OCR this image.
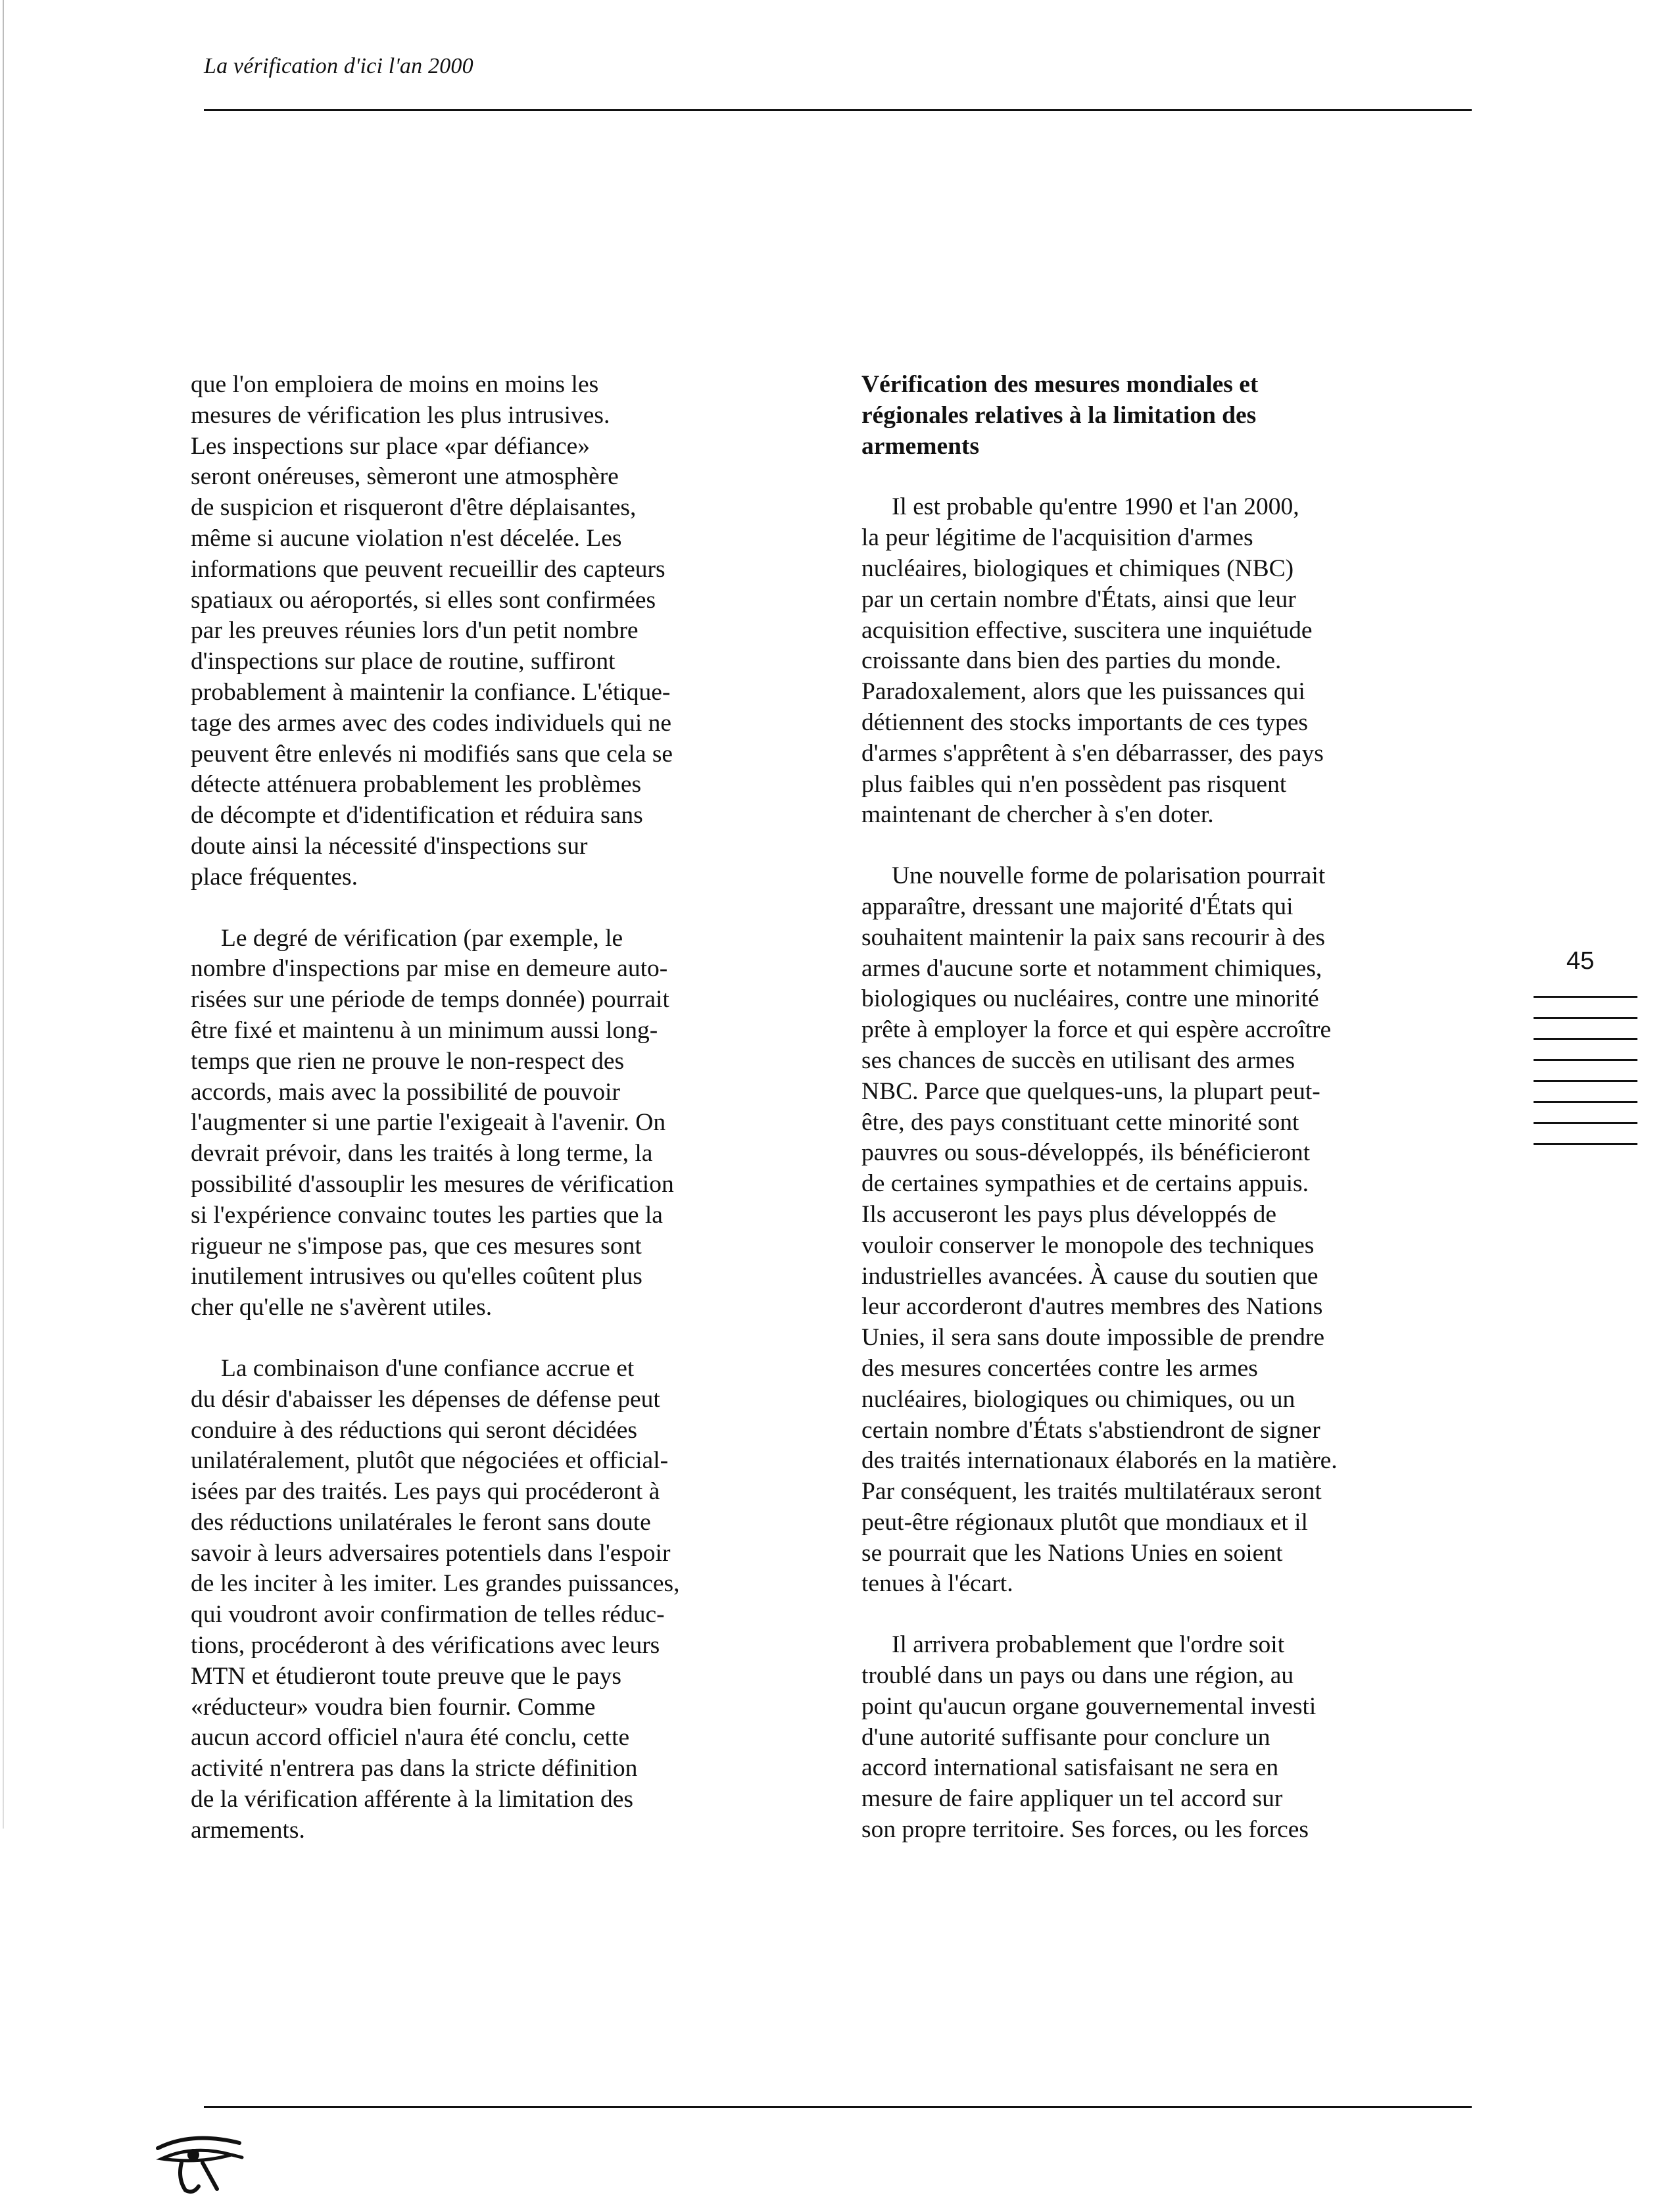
La vérification d'ici l'an 2000

que l'on emploiera de moins en moins les
mesures de vérification les plus intrusives.
Les inspections sur place «par défiance»
seront onéreuses, sèmeront une atmosphère
de suspicion et risqueront d'être déplaisantes,
même si aucune violation n'est décelée. Les
informations que peuvent recueillir des capteurs
spatiaux ou aéroportés, si elles sont confirmées
par les preuves réunies lors d'un petit nombre
d'inspections sur place de routine, suffiront
probablement à maintenir la confiance. L'étique-
tage des armes avec des codes individuels qui ne
peuvent être enlevés ni modifiés sans que cela se
détecte atténuera probablement les problèmes
de décompte et d'identification et réduira sans
doute ainsi la nécessité d'inspections sur
place fréquentes.

Le degré de vérification (par exemple, le
nombre d'inspections par mise en demeure auto-
risées sur une période de temps donnée) pourrait
être fixé et maintenu à un minimum aussi long-
temps que rien ne prouve le non-respect des
accords, mais avec la possibilité de pouvoir
l'augmenter si une partie l'exigeait à l'avenir. On
devrait prévoir, dans les traités à long terme, la
possibilité d'assouplir les mesures de vérification
si l'expérience convainc toutes les parties que la
rigueur ne s'impose pas, que ces mesures sont
inutilement intrusives ou qu'elles coûtent plus
cher qu'elle ne s'avèrent utiles.

La combinaison d'une confiance accrue et
du désir d'abaisser les dépenses de défense peut
conduire à des réductions qui seront décidées
unilatéralement, plutôt que négociées et official-
isées par des traités. Les pays qui procéderont à
des réductions unilatérales le feront sans doute
savoir à leurs adversaires potentiels dans l'espoir
de les inciter à les imiter. Les grandes puissances,
qui voudront avoir confirmation de telles réduc-
tions, procéderont à des vérifications avec leurs
MTN et étudieront toute preuve que le pays
«réducteur» voudra bien fournir. Comme
aucun accord officiel n'aura été conclu, cette
activité n'entrera pas dans la stricte définition
de la vérification afférente à la limitation des
armements.

Vérification des mesures mondiales et
régionales relatives à la limitation des
armements

Il est probable qu'entre 1990 et l'an 2000,
la peur légitime de l'acquisition d'armes
nucléaires, biologiques et chimiques (NBC)
par un certain nombre d'États, ainsi que leur
acquisition effective, suscitera une inquiétude
croissante dans bien des parties du monde.
Paradoxalement, alors que les puissances qui
détiennent des stocks importants de ces types
d'armes s'apprêtent à s'en débarrasser, des pays
plus faibles qui n'en possèdent pas risquent
maintenant de chercher à s'en doter.

Une nouvelle forme de polarisation pourrait
apparaître, dressant une majorité d'États qui
souhaitent maintenir la paix sans recourir à des
armes d'aucune sorte et notamment chimiques,
biologiques ou nucléaires, contre une minorité
prête à employer la force et qui espère accroître
ses chances de succès en utilisant des armes
NBC. Parce que quelques-uns, la plupart peut-
être, des pays constituant cette minorité sont
pauvres ou sous-développés, ils bénéficieront
de certaines sympathies et de certains appuis.
Ils accuseront les pays plus développés de
vouloir conserver le monopole des techniques
industrielles avancées. À cause du soutien que
leur accorderont d'autres membres des Nations
Unies, il sera sans doute impossible de prendre
des mesures concertées contre les armes
nucléaires, biologiques ou chimiques, ou un
certain nombre d'États s'abstiendront de signer
des traités internationaux élaborés en la matière.
Par conséquent, les traités multilatéraux seront
peut-être régionaux plutôt que mondiaux et il
se pourrait que les Nations Unies en soient
tenues à l'écart.

Il arrivera probablement que l'ordre soit
troublé dans un pays ou dans une région, au
point qu'aucun organe gouvernemental investi
d'une autorité suffisante pour conclure un
accord international satisfaisant ne sera en
mesure de faire appliquer un tel accord sur
son propre territoire. Ses forces, ou les forces

45
